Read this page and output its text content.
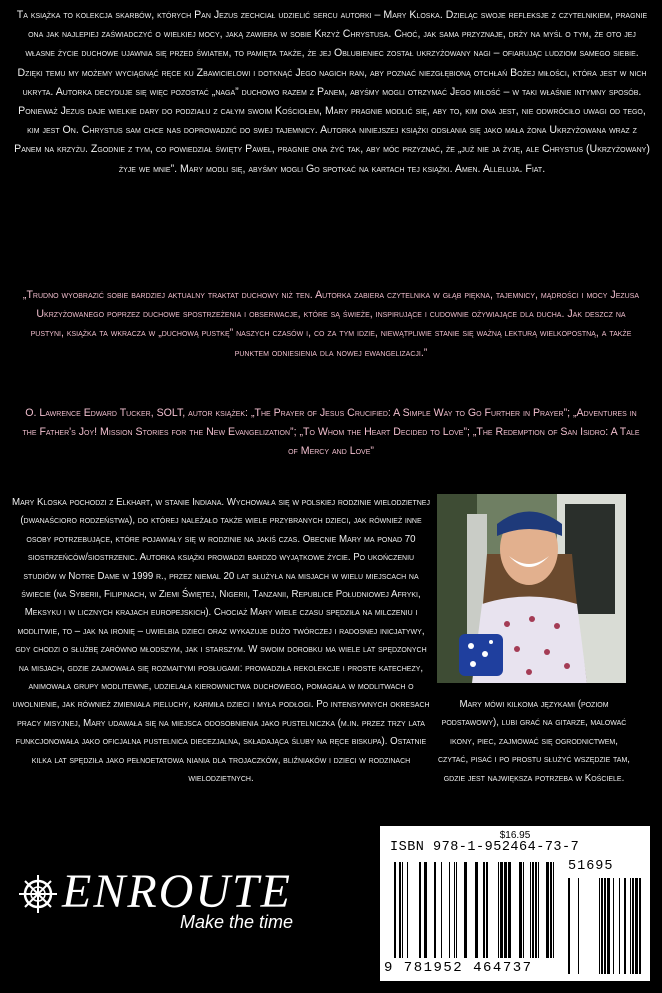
Ta książka to kolekcja skarbów, których Pan Jezus zechciał udzielić sercu autorki – Mary Kloska. Dzieląc swoje refleksje z czytelnikiem, pragnie ona jak najlepiej zaświadczyć o wielkiej mocy, jaką zawiera w sobie Krzyż Chrystusa. Choć, jak sama przyznaje, drży na myśl o tym, że oto jej własne życie duchowe ujawnia się przed światem, to pamięta także, że jej Oblubieniec został ukrzyżowany nagi – ofiarując ludziom samego siebie. Dzięki temu my możemy wyciągnąć ręce ku Zbawicielowi i dotknąć Jego nagich ran, aby poznać niezgłębioną otchłań Bożej miłości, która jest w nich ukryta. Autorka decyduje się więc pozostać „naga” duchowo razem z Panem, abyśmy mogli otrzymać Jego miłość – w taki właśnie intymny sposób. Ponieważ Jezus daje wielkie dary do podziału z całym swoim Kościołem, Mary pragnie modlić się, aby to, kim ona jest, nie odwróciło uwagi od tego, kim jest On. Chrystus sam chce nas doprowadzić do swej tajemnicy. Autorka niniejszej książki odsłania się jako mała żona Ukrzyżowana wraz z Panem na krzyżu. Zgodnie z tym, co powiedział święty Paweł, pragnie ona żyć tak, aby móc przyznać, że „już nie ja żyję, ale Chrystus (Ukrzyżowany) żyje we mnie”. Mary modli się, abyśmy mogli Go spotkać na kartach tej książki. Amen. Alleluja. Fiat.

„Trudno wyobrazić sobie bardziej aktualny traktat duchowy niż ten. Autorka zabiera czytelnika w głąb piękna, tajemnicy, mądrości i mocy Jezusa Ukrzyżowanego poprzez duchowe spostrzeżenia i obserwacje, które są świeże, inspirujące i cudownie ożywiające dla ducha. Jak deszcz na pustyni, książka ta wkracza w „duchową pustkę” naszych czasów i, co za tym idzie, niewątpliwie stanie się ważną lekturą wielkopostną, a także punktem odniesienia dla nowej ewangelizacji.”

O. Lawrence Edward Tucker, SOLT, autor książek: „The Prayer of Jesus Crucified: A Simple Way to Go Further in Prayer”; „Adventures in the Father's Joy! Mission Stories for the New Evangelization”; „To Whom the Heart Decided to Love”; „The Redemption of San Isidro: A Tale of Mercy and Love”

Mary Kloska pochodzi z Elkhart, w stanie Indiana. Wychowała się w polskiej rodzinie wielodzietnej (dwanaścioro rodzeństwa), do której należało także wiele przybranych dzieci, jak również inne osoby potrzebujące, które pojawiały się w rodzinie na jakiś czas. Obecnie Mary ma ponad 70 siostrzeńców/siostrzenic. Autorka książki prowadzi bardzo wyjątkowe życie. Po ukończeniu studiów w Notre Dame w 1999 r., przez niemal 20 lat służyła na misjach w wielu miejscach na świecie (na Syberii, Filipinach, w Ziemi Świętej, Nigerii, Tanzanii, Republice Południowej Afryki, Meksyku i w licznych krajach europejskich). Chociaż Mary wiele czasu spędziła na milczeniu i modlitwie, to – jak na ironię – uwielbia dzieci oraz wykazuje dużo twórczej i radosnej inicjatywy, gdy chodzi o służbę zarówno młodszym, jak i starszym. W swoim dorobku ma wiele lat spędzonych na misjach, gdzie zajmowała się rozmaitymi posługami: prowadziła rekolekcje i proste katechezy, animowała grupy modlitewne, udzielała kierownictwa duchowego, pomagała w modlitwach o uwolnienie, jak również zmieniała pieluchy, karmiła dzieci i myła podłogi. Po intensywnych okresach pracy misyjnej, Mary udawała się na miejsca odosobnienia jako pustelniczka (m.in. przez trzy lata funkcjonowała jako oficjalna pustelnica diecezjalna, składająca śluby na ręce biskupa). Ostatnie kilka lat spędziła jako pełnoetatowa niania dla trojaczków, bliźniaków i dzieci w rodzinach wielodzietnych.

Mary mówi kilkoma językami (poziom podstawowy), lubi grać na gitarze, malować ikony, piec, zajmować się ogrodnictwem, czytać, pisać i po prostu służyć wszędzie tam, gdzie jest największa potrzeba w Kościele.

ENROUTE
Make the time
$16.95
ISBN 978-1-952464-73-7
51695
9 781952 464737
